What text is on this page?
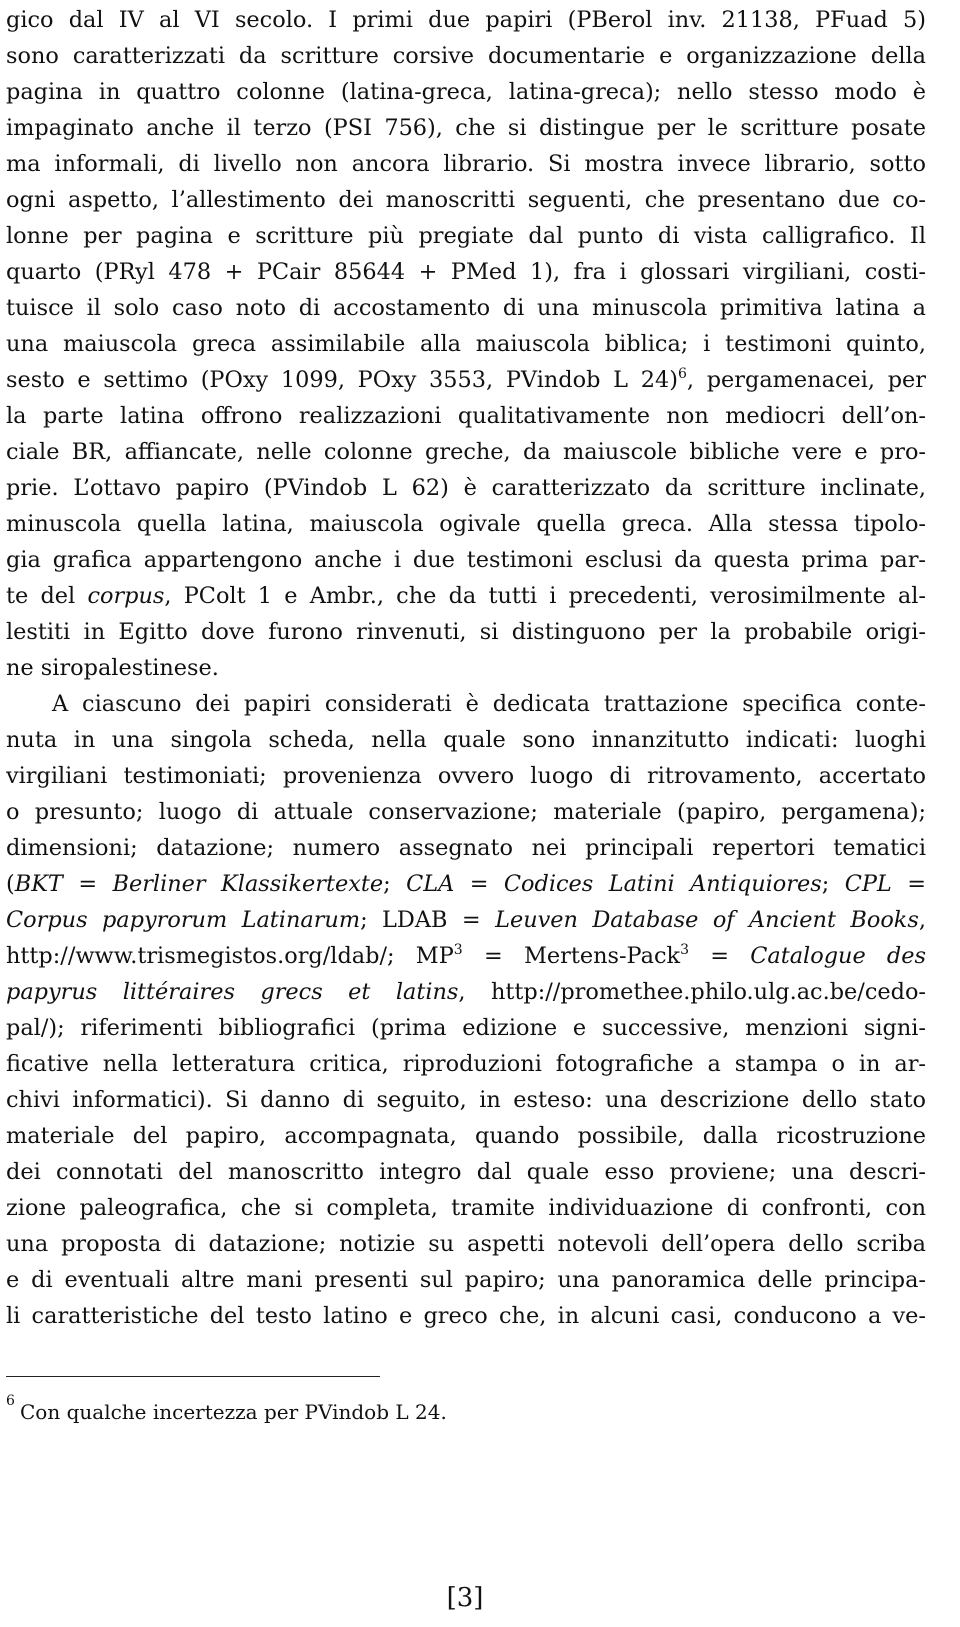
gico dal IV al VI secolo. I primi due papiri (PBerol inv. 21138, PFuad 5)
sono caratterizzati da scritture corsive documentarie e organizzazione della
pagina in quattro colonne (latina-greca, latina-greca); nello stesso modo è
impaginato anche il terzo (PSI 756), che si distingue per le scritture posate
ma informali, di livello non ancora librario. Si mostra invece librario, sotto
ogni aspetto, l’allestimento dei manoscritti seguenti, che presentano due co-
lonne per pagina e scritture più pregiate dal punto di vista calligrafico. Il
quarto (PRyl 478 + PCair 85644 + PMed 1), fra i glossari virgiliani, costi-
tuisce il solo caso noto di accostamento di una minuscola primitiva latina a
una maiuscola greca assimilabile alla maiuscola biblica; i testimoni quinto,
sesto e settimo (POxy 1099, POxy 3553, PVindob L 24)$^6$, pergamenacei, per
la parte latina offrono realizzazioni qualitativamente non mediocri dell’on-
ciale BR, affiancate, nelle colonne greche, da maiuscole bibliche vere e pro-
prie. L’ottavo papiro (PVindob L 62) è caratterizzato da scritture inclinate,
minuscola quella latina, maiuscola ogivale quella greca. Alla stessa tipolo-
gia grafica appartengono anche i due testimoni esclusi da questa prima par-
te del corpus, PColt 1 e Ambr., che da tutti i precedenti, verosimilmente al-
lestiti in Egitto dove furono rinvenuti, si distinguono per la probabile origi-
ne siropalestinese.
A ciascuno dei papiri considerati è dedicata trattazione specifica conte-
nuta in una singola scheda, nella quale sono innanzitutto indicati: luoghi
virgiliani testimoniati; provenienza ovvero luogo di ritrovamento, accertato
o presunto; luogo di attuale conservazione; materiale (papiro, pergamena);
dimensioni; datazione; numero assegnato nei principali repertori tematici
(BKT = Berliner Klassikertexte; CLA = Codices Latini Antiquiores; CPL =
Corpus papyrorum Latinarum; LDAB = Leuven Database of Ancient Books,
http://www.trismegistos.org/ldab/; $MP^3$ = Mertens-Pack$^3$ = Catalogue des
papyrus littéraires grecs et latins, http://promethee.philo.ulg.ac.be/cedo-
pal/); riferimenti bibliografici (prima edizione e successive, menzioni signi-
ficative nella letteratura critica, riproduzioni fotografiche a stampa o in ar-
chivi informatici). Si danno di seguito, in esteso: una descrizione dello stato
materiale del papiro, accompagnata, quando possibile, dalla ricostruzione
dei connotati del manoscritto integro dal quale esso proviene; una descri-
zione paleografica, che si completa, tramite individuazione di confronti, con
una proposta di datazione; notizie su aspetti notevoli dell’opera dello scriba
e di eventuali altre mani presenti sul papiro; una panoramica delle principa-
li caratteristiche del testo latino e greco che, in alcuni casi, conducono a ve-
6 Con qualche incertezza per PVindob L 24.
[3]
